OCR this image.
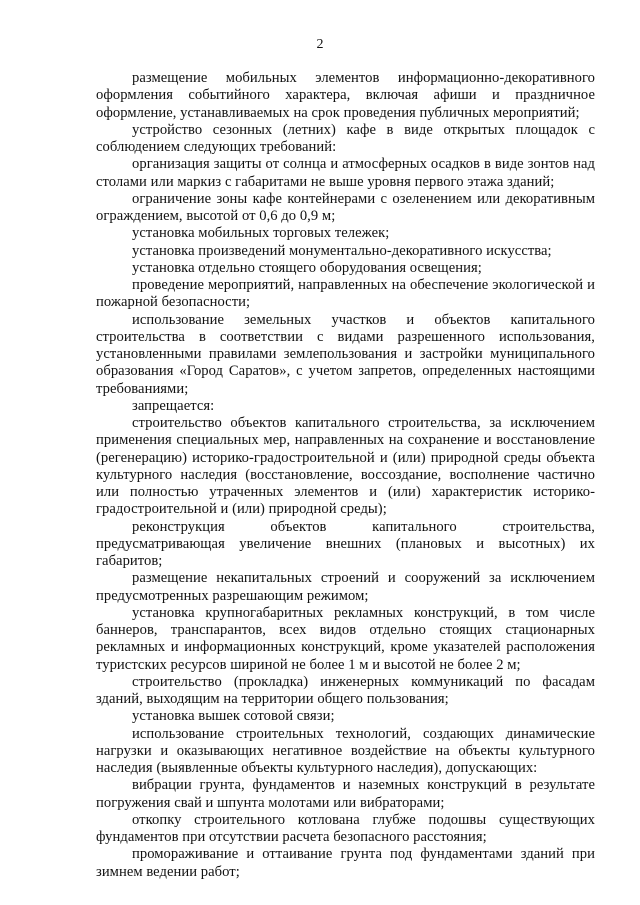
2

размещение мобильных элементов информационно-декоративного оформления событийного характера, включая афиши и праздничное оформление, устанавливаемых на срок проведения публичных мероприятий;

устройство сезонных (летних) кафе в виде открытых площадок с соблюдением следующих требований:

организация защиты от солнца и атмосферных осадков в виде зонтов над столами или маркиз с габаритами не выше уровня первого этажа зданий;

ограничение зоны кафе контейнерами с озеленением или декоративным ограждением, высотой от 0,6 до 0,9 м;

установка мобильных торговых тележек;

установка произведений монументально-декоративного искусства;

установка отдельно стоящего оборудования освещения;

проведение мероприятий, направленных на обеспечение экологической и пожарной безопасности;

использование земельных участков и объектов капитального строительства в соответствии с видами разрешенного использования, установленными правилами землепользования и застройки муниципального образования «Город Саратов», с учетом запретов, определенных настоящими требованиями;

запрещается:

строительство объектов капитального строительства, за исключением применения специальных мер, направленных на сохранение и восстановление (регенерацию) историко-градостроительной и (или) природной среды объекта культурного наследия (восстановление, воссоздание, восполнение частично или полностью утраченных элементов и (или) характеристик историко-градостроительной и (или) природной среды);

реконструкция объектов капитального строительства, предусматривающая увеличение внешних (плановых и высотных) их габаритов;

размещение некапитальных строений и сооружений за исключением предусмотренных разрешающим режимом;

установка крупногабаритных рекламных конструкций, в том числе баннеров, транспарантов, всех видов отдельно стоящих стационарных рекламных и информационных конструкций, кроме указателей расположения туристских ресурсов шириной не более 1 м и высотой не более 2 м;

строительство (прокладка) инженерных коммуникаций по фасадам зданий, выходящим на территории общего пользования;

установка вышек сотовой связи;

использование строительных технологий, создающих динамические нагрузки и оказывающих негативное воздействие на объекты культурного наследия (выявленные объекты культурного наследия), допускающих:

вибрации грунта, фундаментов и наземных конструкций в результате погружения свай и шпунта молотами или вибраторами;

откопку строительного котлована глубже подошвы существующих фундаментов при отсутствии расчета безопасного расстояния;

промораживание и оттаивание грунта под фундаментами зданий при зимнем ведении работ;
